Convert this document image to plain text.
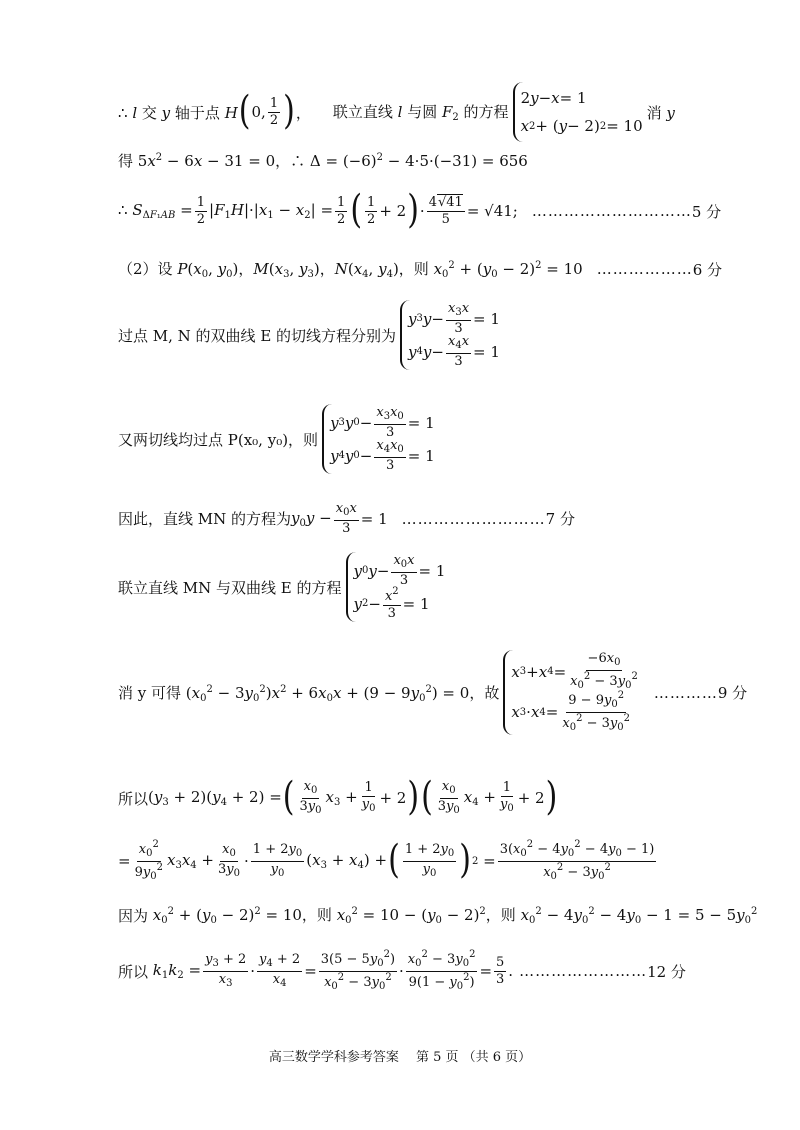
∴ l 交 y 轴于点 H ( 0, 1
2 ) ， 联立直线 l 与圆 $F_2$ 的方程
2 y − x = 1
x 2 + ( y − 2) 2 = 10
消 y
得 $5x^2 - 6x - 31 = 0$，∴ $\Delta = (-6)^2 - 4\cdot 5\cdot(-31) = 656$
∴ $S_{\Delta F_1AB} = \frac{1}{2} |F_1H|\cdot|x_1 - x_2| = \frac{1}{2}$ ( 1
2 + 2 ) · $\frac{4√41}{5} = √41$; ………………………… 5 分
（2）设 $P(x_0$, $y_0$)，$M(x_3$, $y_3$)，$N(x_4$, $y_4$)，则 $x_0^2 + (y_0 - 2)^2 = 10$ ……………… 6 分
过点 M, N 的双曲线 E 的切线方程分别为
y 3 y −
$x_3x$
3
= 1
y 4 y −
$x_4x$
3
= 1
又两切线均过点 P(x₀, y₀)，则
y 3 y 0 −
$x_3x_0$
3
= 1
y 4 y 0 −
$x_4x_0$
3
= 1
因此，直线 MN 的方程为 $y_0y - \frac{x_0x}{3} = 1$ ……………………… 7 分
联立直线 MN 与双曲线 E 的方程
y 0 y −
$x_0x$
3
= 1
y $2 - x^2$
3
= 1
消 y 可得 $(x_0^2 - 3y_0^2)x^2 + 6x_0x + (9 - 9y_0^2) = 0$，故
x 3 + x 4 =
$-6x_0$
$x_0^2 - 3y_0^2$
x 3 · x 4 =
$9 - 9y_0^2$
$x_0^2 - 3y_0^2$
………… 9 分
所以 $(y_3 + 2)(y_4 + 2)$ = ( $x_0$
$3y_0$
$x_3 + \frac{1}{y_0} + 2$ ) ( $x_0$
$3y_0$
$x_4 + \frac{1}{y_0} + 2$ )
= $\frac{x_0^2}{9y_0^2} x_3x_4 + \frac{x_0}{3y_0}$ ·
$1 + 2y_0$
$y_0$
$(x_3 + x_4)$ + ( $1 + 2y_0$
$y_0$ ) $2 = \frac{3(x_0^2 - 4y_0^2 - 4y_0 - 1)}{x_0^2 - 3y_0^2}$
因为 $x_0^2 + (y_0 - 2)^2 = 10$，则 $x_0^2 = 10 - (y_0 - 2)^2$，则 $x_0^2 - 4y_0^2 - 4y_0 - 1 = 5 - 5y_0^2$
所以 $k_1k_2 = \frac{y_3 + 2}{x_3} \cdot \frac{y_4 + 2}{x_4} = \frac{3(5 - 5y_0^2)}{x_0^2 - 3y_0^2} \cdot \frac{x_0^2 - 3y_0^2}{9(1 - y_0^2)} = \frac{5}{3}$ . …………………… 12 分
高三数学学科参考答案　 第 5 页 （共 6 页）
